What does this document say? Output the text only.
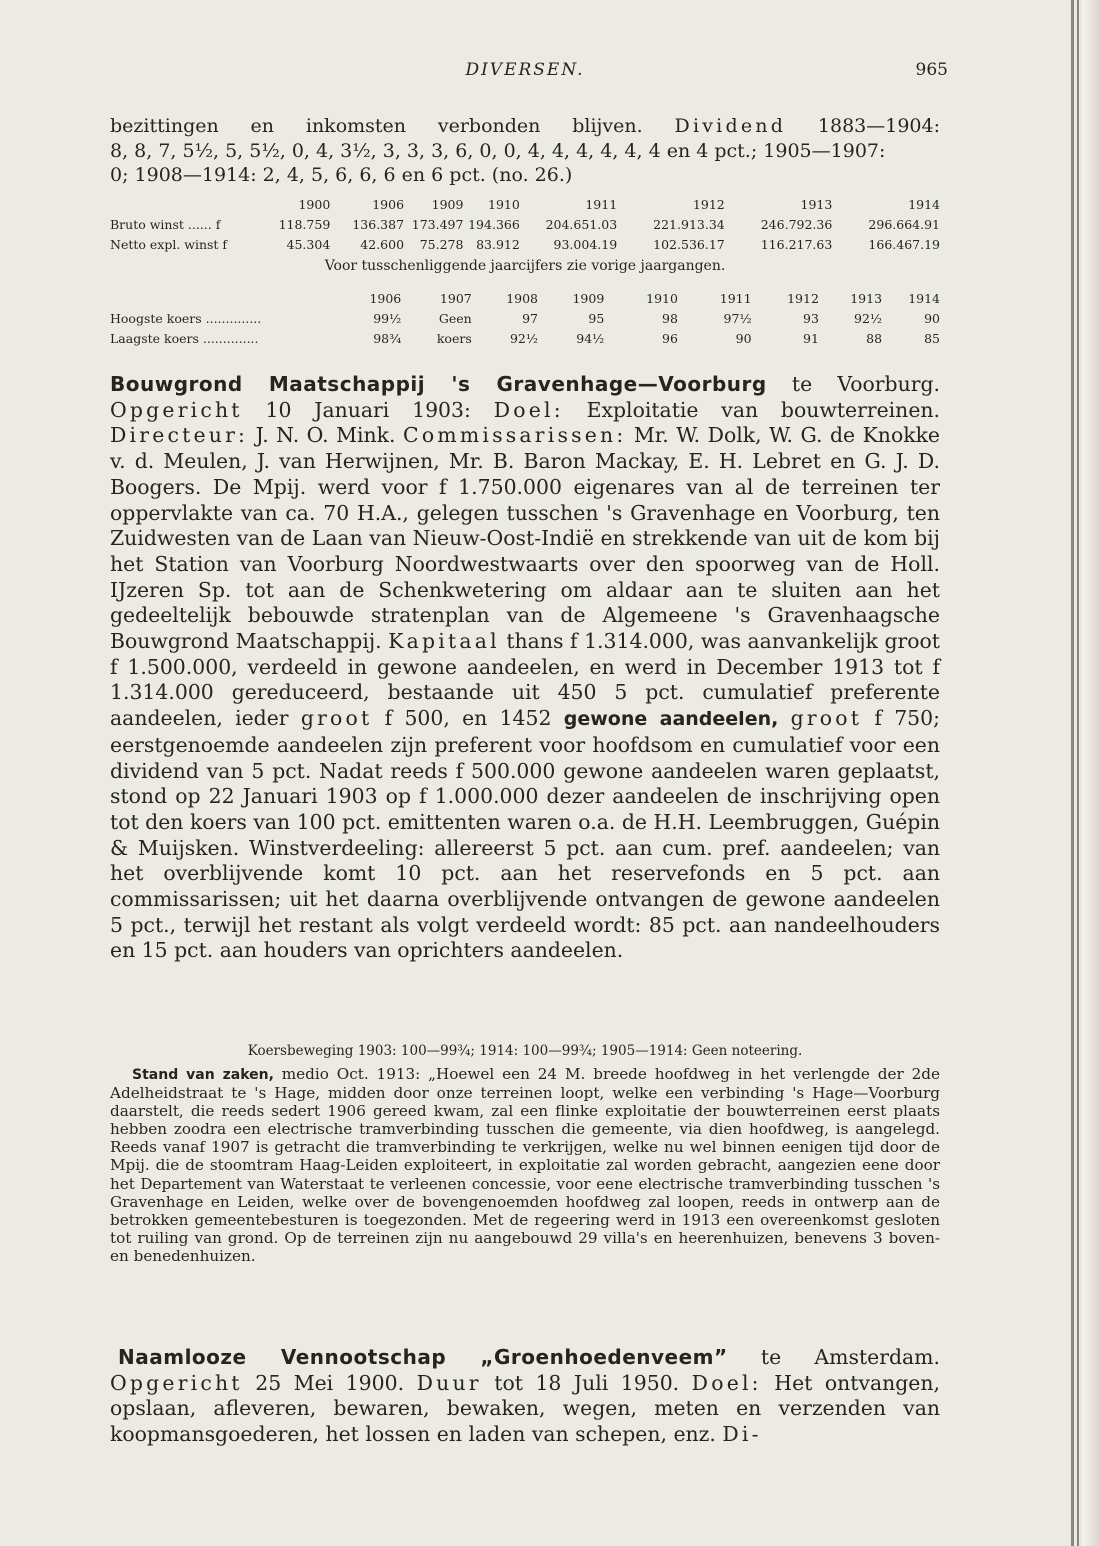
DIVERSEN.	965
bezittingen en inkomsten verbonden blijven. Dividend 1883—1904:
8, 8, 7, 5½, 5, 5½, 0, 4, 3½, 3, 3, 3, 6, 0, 0, 4, 4, 4, 4, 4, 4 en 4 pct.; 1905—1907:
0; 1908—1914: 2, 4, 5, 6, 6, 6 en 6 pct. (no. 26.)
	1900	1906	1909	1910	1911	1912	1913	1914
Bruto winst ...... f	118.759	136.387	173.497	194.366	204.651.03	221.913.34	246.792.36	296.664.91
Netto expl. winst f	45.304	42.600	75.278	83.912	93.004.19	102.536.17	116.217.63	166.467.19
Voor tusschenliggende jaarcijfers zie vorige jaargangen.
	1906	1907	1908	1909	1910	1911	1912	1913	1914
Hoogste koers ..............	99½	Geen	97	95	98	97½	93	92½	90
Laagste koers ..............	98¾	koers	92½	94½	96	90	91	88	85
Bouwgrond Maatschappij 's Gravenhage—Voorburg te Voorburg. Opgericht 10 Januari 1903: Doel: Exploitatie van bouwterreinen. Directeur: J. N. O. Mink. Commissarissen: Mr. W. Dolk, W. G. de Knokke v. d. Meulen, J. van Herwijnen, Mr. B. Baron Mackay, E. H. Lebret en G. J. D. Boogers. De Mpij. werd voor f 1.750.000 eigenares van al de terreinen ter oppervlakte van ca. 70 H.A., gelegen tusschen 's Gravenhage en Voorburg, ten Zuidwesten van de Laan van Nieuw-Oost-Indië en strekkende van uit de kom bij het Station van Voorburg Noordwestwaarts over den spoorweg van de Holl. IJzeren Sp. tot aan de Schenkwetering om aldaar aan te sluiten aan het gedeeltelijk bebouwde stratenplan van de Algemeene 's Gravenhaagsche Bouwgrond Maatschappij. Kapitaal thans f 1.314.000, was aanvankelijk groot f 1.500.000, verdeeld in gewone aandeelen, en werd in December 1913 tot f 1.314.000 gereduceerd, bestaande uit 450 5 pct. cumulatief preferente aandeelen, ieder groot f 500, en 1452 gewone aandeelen, groot f 750; eerstgenoemde aandeelen zijn preferent voor hoofdsom en cumulatief voor een dividend van 5 pct. Nadat reeds f 500.000 gewone aandeelen waren geplaatst, stond op 22 Januari 1903 op f 1.000.000 dezer aandeelen de inschrijving open tot den koers van 100 pct. emittenten waren o.a. de H.H. Leembruggen, Guépin & Muijsken. Winstverdeeling: allereerst 5 pct. aan cum. pref. aandeelen; van het overblijvende komt 10 pct. aan het reservefonds en 5 pct. aan commissarissen; uit het daarna overblijvende ontvangen de gewone aandeelen 5 pct., terwijl het restant als volgt verdeeld wordt: 85 pct. aan nandeelhouders en 15 pct. aan houders van oprichters aandeelen.
Koersbeweging 1903: 100—99¾; 1914: 100—99¾; 1905—1914: Geen noteering.
Stand van zaken, medio Oct. 1913: „Hoewel een 24 M. breede hoofdweg in het verlengde der 2de Adelheidstraat te 's Hage, midden door onze terreinen loopt, welke een verbinding 's Hage—Voorburg daarstelt, die reeds sedert 1906 gereed kwam, zal een flinke exploitatie der bouwterreinen eerst plaats hebben zoodra een electrische tramverbinding tusschen die gemeente, via dien hoofdweg, is aangelegd. Reeds vanaf 1907 is getracht die tramverbinding te verkrijgen, welke nu wel binnen eenigen tijd door de Mpij. die de stoomtram Haag-Leiden exploiteert, in exploitatie zal worden gebracht, aangezien eene door het Departement van Waterstaat te verleenen concessie, voor eene electrische tramverbinding tusschen 's Gravenhage en Leiden, welke over de bovengenoemden hoofdweg zal loopen, reeds in ontwerp aan de betrokken gemeentebesturen is toegezonden. Met de regeering werd in 1913 een overeenkomst gesloten tot ruiling van grond. Op de terreinen zijn nu aangebouwd 29 villa's en heerenhuizen, benevens 3 boven- en benedenhuizen.
Naamlooze Vennootschap „Groenhoedenveem” te Amsterdam. Opgericht 25 Mei 1900. Duur tot 18 Juli 1950. Doel: Het ontvangen, opslaan, afleveren, bewaren, bewaken, wegen, meten en verzenden van koopmansgoederen, het lossen en laden van schepen, enz. Di-
